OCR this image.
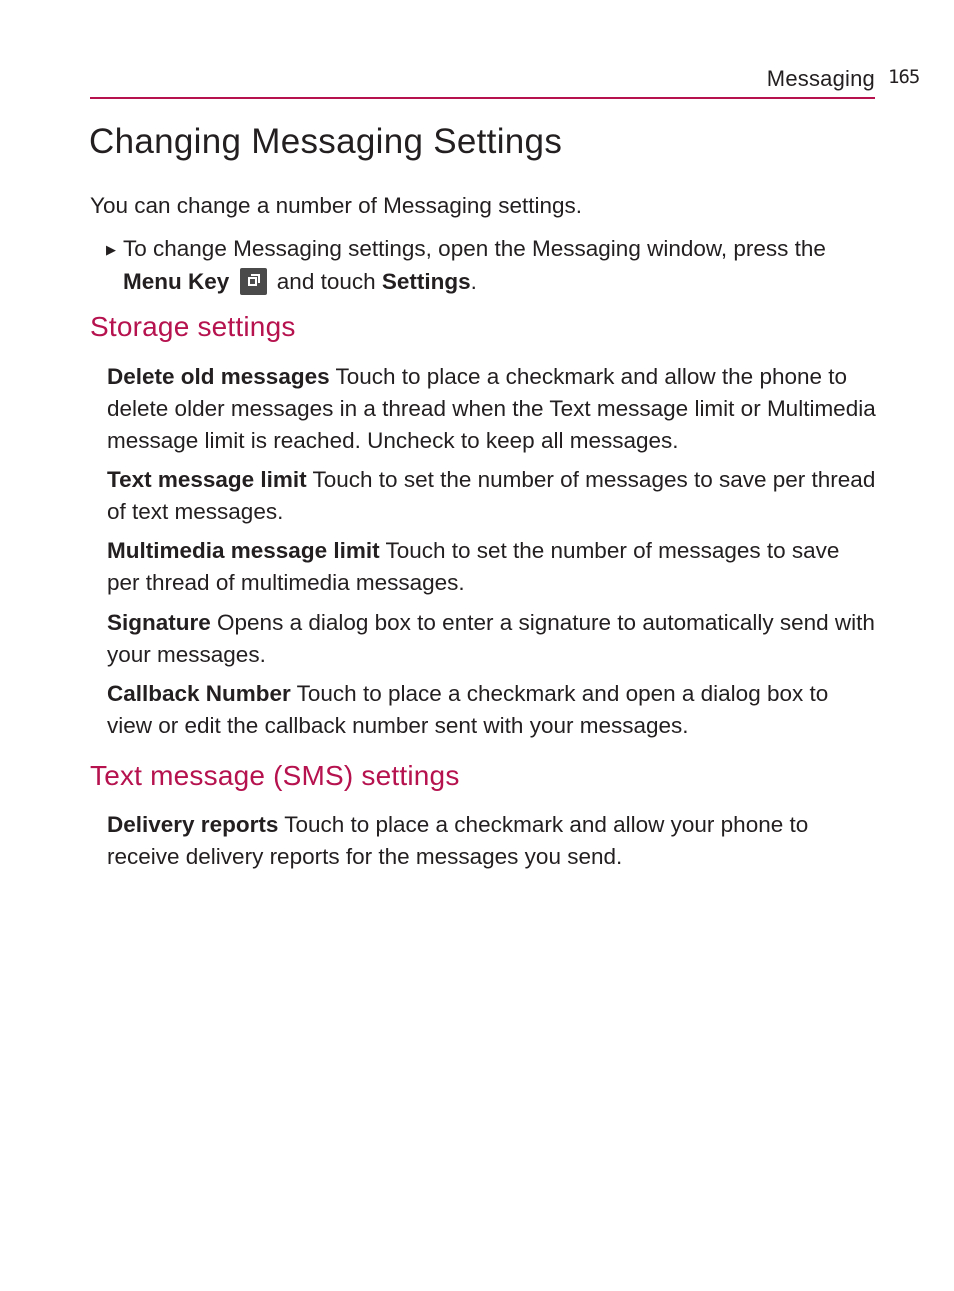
Messaging 165
Changing Messaging Settings

You can change a number of Messaging settings.

▶ To change Messaging settings, open the Messaging window, press the Menu Key  and touch Settings.

Storage settings

Delete old messages Touch to place a checkmark and allow the phone to delete older messages in a thread when the Text message limit or Multimedia message limit is reached. Uncheck to keep all messages.

Text message limit Touch to set the number of messages to save per thread of text messages.

Multimedia message limit Touch to set the number of messages to save per thread of multimedia messages.

Signature Opens a dialog box to enter a signature to automatically send with your messages.

Callback Number Touch to place a checkmark and open a dialog box to view or edit the callback number sent with your messages.

Text message (SMS) settings

Delivery reports Touch to place a checkmark and allow your phone to receive delivery reports for the messages you send.
